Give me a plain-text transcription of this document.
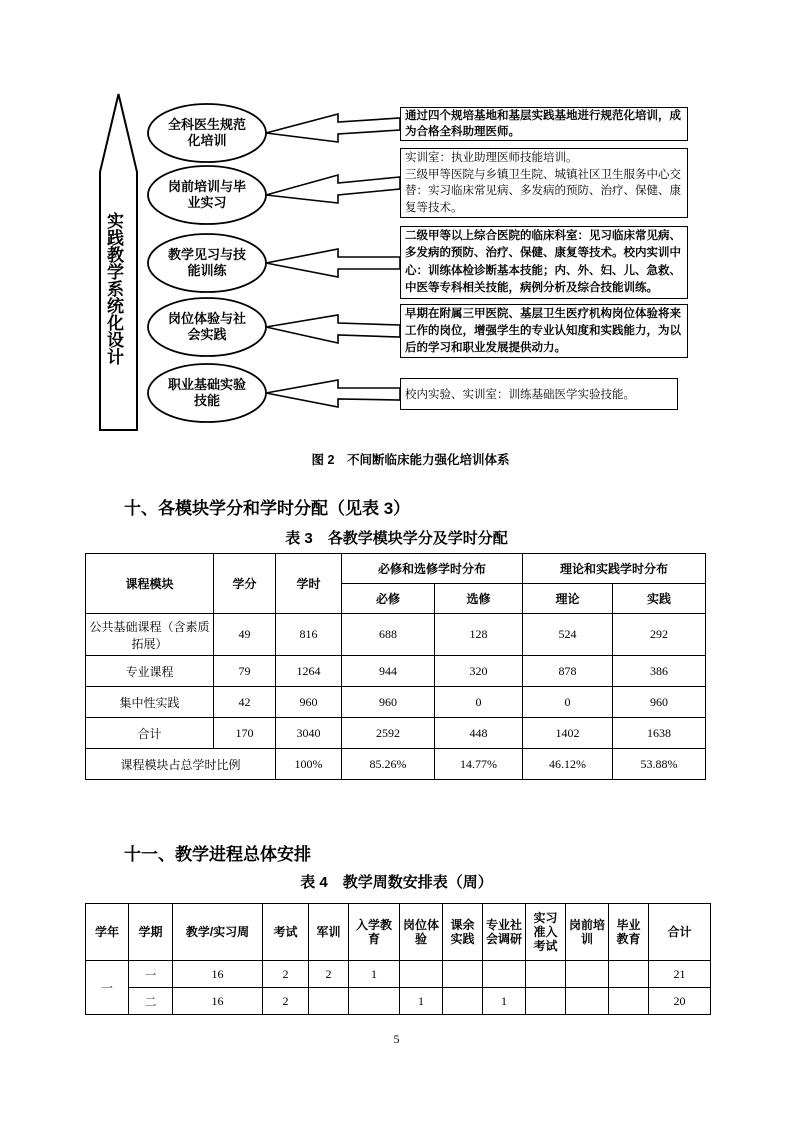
实践教学系统化设计
全科医生规范化培训
岗前培训与毕业实习
教学见习与技能训练
岗位体验与社会实践
职业基础实验技能
通过四个规培基地和基层实践基地进行规范化培训，成为合格全科助理医师。
实训室：执业助理医师技能培训。
三级甲等医院与乡镇卫生院、城镇社区卫生服务中心交替：实习临床常见病、多发病的预防、治疗、保健、康复等技术。
二级甲等以上综合医院的临床科室：见习临床常见病、多发病的预防、治疗、保健、康复等技术。校内实训中心：训练体检诊断基本技能；内、外、妇、儿、急救、中医等专科相关技能，病例分析及综合技能训练。
早期在附属三甲医院、基层卫生医疗机构岗位体验将来工作的岗位，增强学生的专业认知度和实践能力，为以后的学习和职业发展提供动力。
校内实验、实训室：训练基础医学实验技能。
图 2　不间断临床能力强化培训体系
十、各模块学分和学时分配（见表 3）
表 3　各教学模块学分及学时分配
课程模块	学分	学时	必修和选修学时分布		理论和实践学时分布	
			必修	选修	理论	实践
公共基础课程（含素质拓展）	49	816	688	128	524	292
专业课程	79	1264	944	320	878	386
集中性实践	42	960	960	0	0	960
合计	170	3040	2592	448	1402	1638
课程模块占总学时比例		100%	85.26%	14.77%	46.12%	53.88%
十一、教学进程总体安排
表 4　教学周数安排表（周）
学年	学期	教学/实习周	考试	军训	入学教育	岗位体验	课余实践	专业社会调研	实习准入考试	岗前培训	毕业教育	合计
一	一	16	2	2	1							21
	二	16	2			1		1				20
5
